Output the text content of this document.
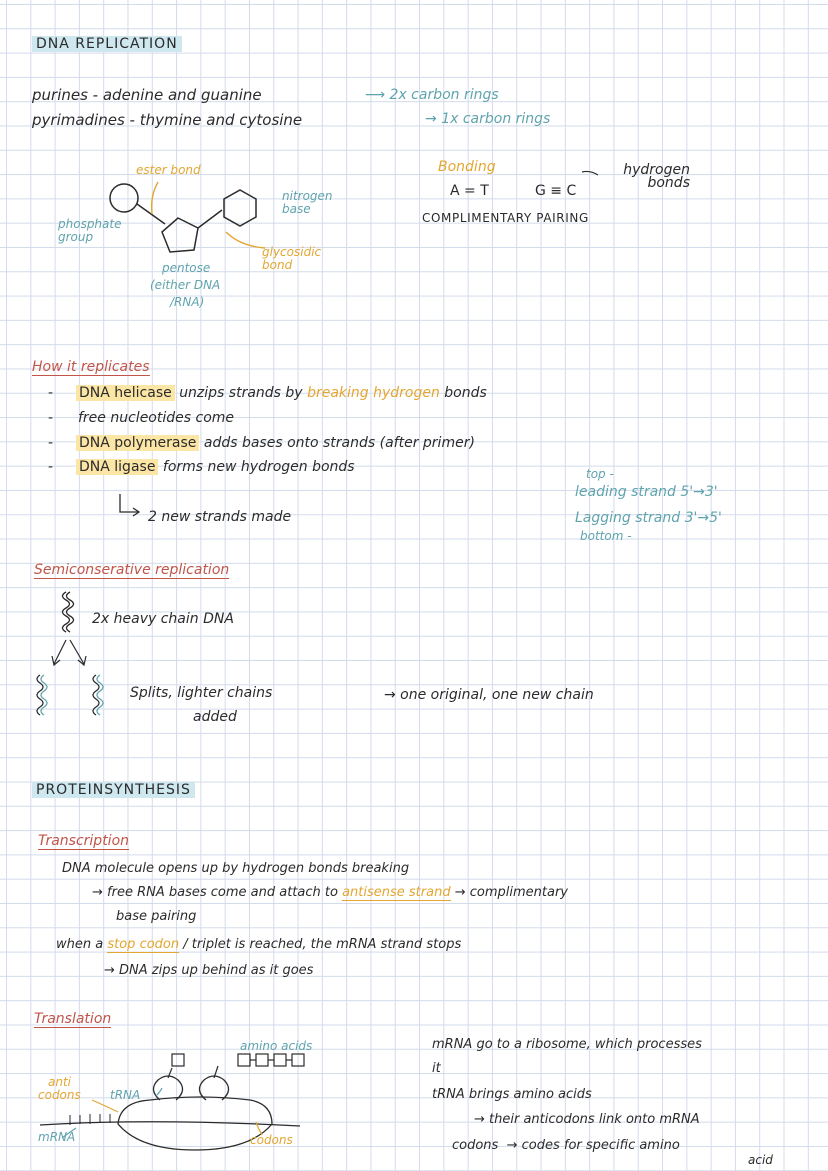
DNA REPLICATION
purines - adenine and guanine	⟶ 2x carbon rings
pyrimadines - thymine and cytosine	→ 1x carbon rings
ester bond
phosphate group
nitrogen base
glycosidic bond
pentose
(either DNA
/RNA)
Bonding
A = T	G ≡ C
hydrogen bonds
COMPLIMENTARY PAIRING
How it replicates
- DNA helicase unzips strands by breaking hydrogen bonds
- free nucleotides come
- DNA polymerase adds bases onto strands (after primer)
- DNA ligase forms new hydrogen bonds
2 new strands made
top -
leading strand 5'→3'
Lagging strand 3'→5'
bottom -
Semiconserative replication
2x heavy chain DNA
Splits, lighter chains
added
→ one original, one new chain
PROTEINSYNTHESIS
Transcription
DNA molecule opens up by hydrogen bonds breaking
→ free RNA bases come and attach to antisense strand → complimentary
base pairing
when a stop codon / triplet is reached, the mRNA strand stops
→ DNA zips up behind as it goes
Translation
amino acids
anti
codons tRNA
mRNA	codons
mRNA go to a ribosome, which processes
it
tRNA brings amino acids
→ their anticodons link onto mRNA
codons → codes for specific amino
acid
